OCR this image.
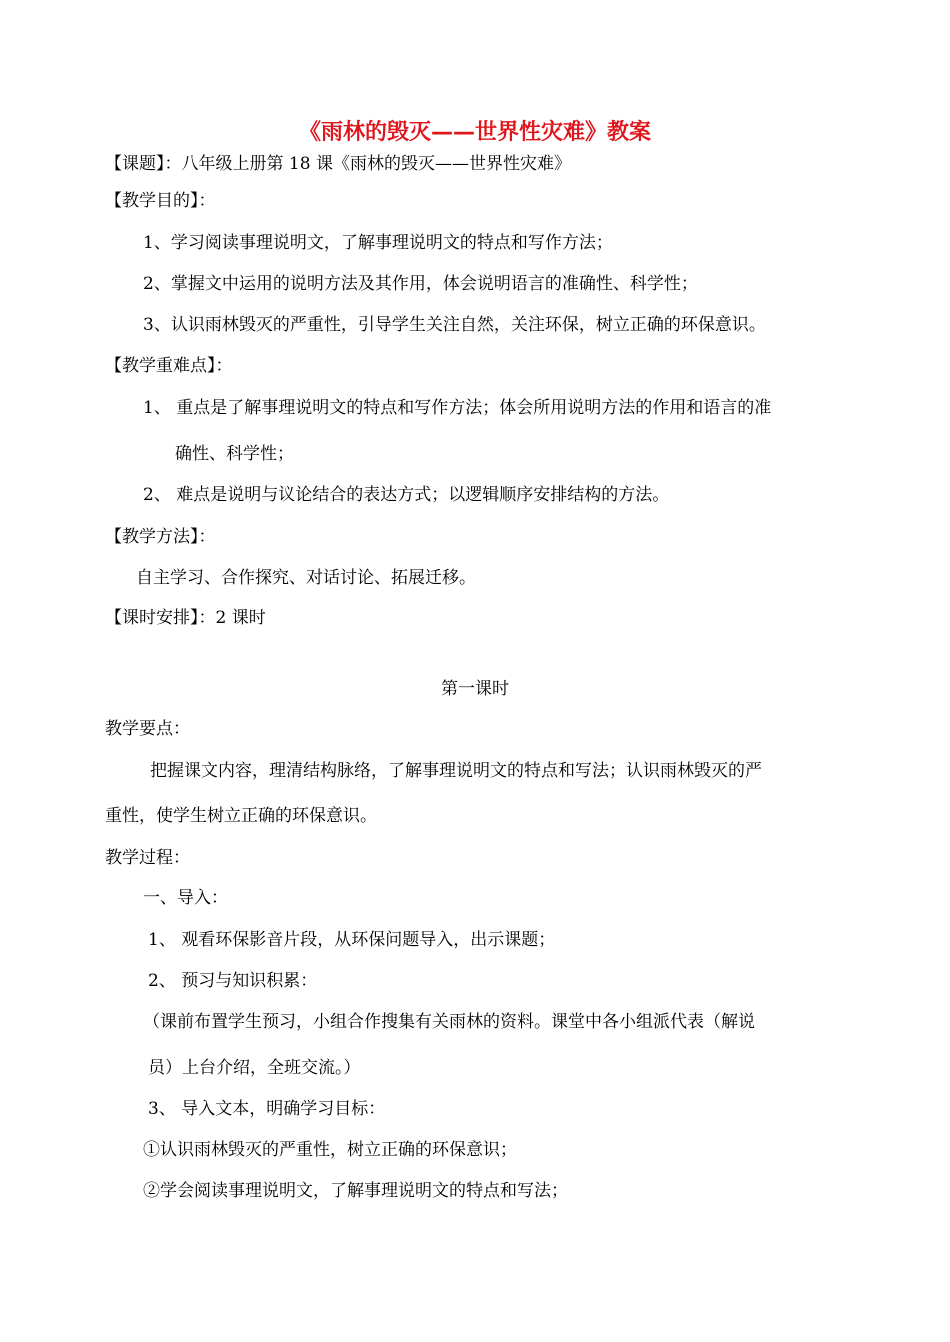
《雨林的毁灭——世界性灾难》教案
【课题】：八年级上册第 18 课《雨林的毁灭——世界性灾难》
【教学目的】：
1、学习阅读事理说明文，了解事理说明文的特点和写作方法；
2、掌握文中运用的说明方法及其作用，体会说明语言的准确性、科学性；
3、认识雨林毁灭的严重性，引导学生关注自然，关注环保，树立正确的环保意识。
【教学重难点】：
1、 重点是了解事理说明文的特点和写作方法；体会所用说明方法的作用和语言的准
确性、科学性；
2、 难点是说明与议论结合的表达方式；以逻辑顺序安排结构的方法。
【教学方法】：
自主学习、合作探究、对话讨论、拓展迁移。
【课时安排】：2 课时
第一课时
教学要点：
把握课文内容，理清结构脉络，了解事理说明文的特点和写法；认识雨林毁灭的严
重性，使学生树立正确的环保意识。
教学过程：
一、导入：
1、 观看环保影音片段，从环保问题导入，出示课题；
2、 预习与知识积累：
（课前布置学生预习，小组合作搜集有关雨林的资料。课堂中各小组派代表（解说
员）上台介绍，全班交流。）
3、 导入文本，明确学习目标：
①认识雨林毁灭的严重性，树立正确的环保意识；
②学会阅读事理说明文，了解事理说明文的特点和写法；
